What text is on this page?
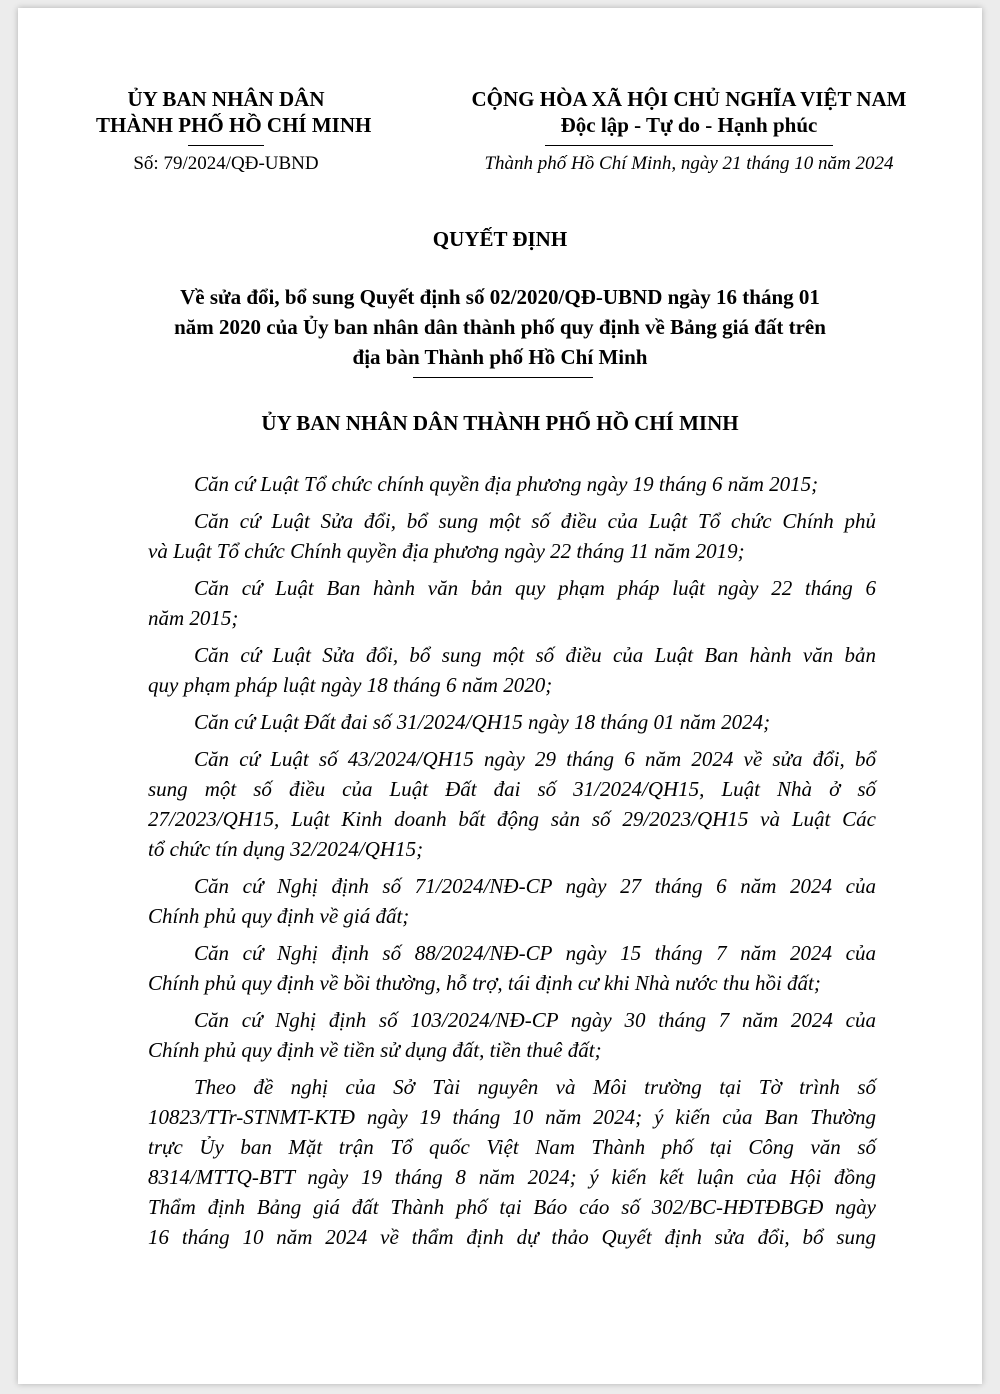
ỦY BAN NHÂN DÂN
THÀNH PHỐ HỒ CHÍ MINH
Số: 79/2024/QĐ-UBND
CỘNG HÒA XÃ HỘI CHỦ NGHĨA VIỆT NAM
Độc lập - Tự do - Hạnh phúc
Thành phố Hồ Chí Minh, ngày 21 tháng 10 năm 2024
QUYẾT ĐỊNH
Về sửa đổi, bổ sung Quyết định số 02/2020/QĐ-UBND ngày 16 tháng 01
năm 2020 của Ủy ban nhân dân thành phố quy định về Bảng giá đất trên
địa bàn Thành phố Hồ Chí Minh
ỦY BAN NHÂN DÂN THÀNH PHỐ HỒ CHÍ MINH
Căn cứ Luật Tổ chức chính quyền địa phương ngày 19 tháng 6 năm 2015;
Căn cứ Luật Sửa đổi, bổ sung một số điều của Luật Tổ chức Chính phủ
và Luật Tổ chức Chính quyền địa phương ngày 22 tháng 11 năm 2019;
Căn cứ Luật Ban hành văn bản quy phạm pháp luật ngày 22 tháng 6
năm 2015;
Căn cứ Luật Sửa đổi, bổ sung một số điều của Luật Ban hành văn bản
quy phạm pháp luật ngày 18 tháng 6 năm 2020;
Căn cứ Luật Đất đai số 31/2024/QH15 ngày 18 tháng 01 năm 2024;
Căn cứ Luật số 43/2024/QH15 ngày 29 tháng 6 năm 2024 về sửa đổi, bổ
sung một số điều của Luật Đất đai số 31/2024/QH15, Luật Nhà ở số
27/2023/QH15, Luật Kinh doanh bất động sản số 29/2023/QH15 và Luật Các
tổ chức tín dụng 32/2024/QH15;
Căn cứ Nghị định số 71/2024/NĐ-CP ngày 27 tháng 6 năm 2024 của
Chính phủ quy định về giá đất;
Căn cứ Nghị định số 88/2024/NĐ-CP ngày 15 tháng 7 năm 2024 của
Chính phủ quy định về bồi thường, hỗ trợ, tái định cư khi Nhà nước thu hồi đất;
Căn cứ Nghị định số 103/2024/NĐ-CP ngày 30 tháng 7 năm 2024 của
Chính phủ quy định về tiền sử dụng đất, tiền thuê đất;
Theo đề nghị của Sở Tài nguyên và Môi trường tại Tờ trình số
10823/TTr-STNMT-KTĐ ngày 19 tháng 10 năm 2024; ý kiến của Ban Thường
trực Ủy ban Mặt trận Tổ quốc Việt Nam Thành phố tại Công văn số
8314/MTTQ-BTT ngày 19 tháng 8 năm 2024; ý kiến kết luận của Hội đồng
Thẩm định Bảng giá đất Thành phố tại Báo cáo số 302/BC-HĐTĐBGĐ ngày
16 tháng 10 năm 2024 về thẩm định dự thảo Quyết định sửa đổi, bổ sung
